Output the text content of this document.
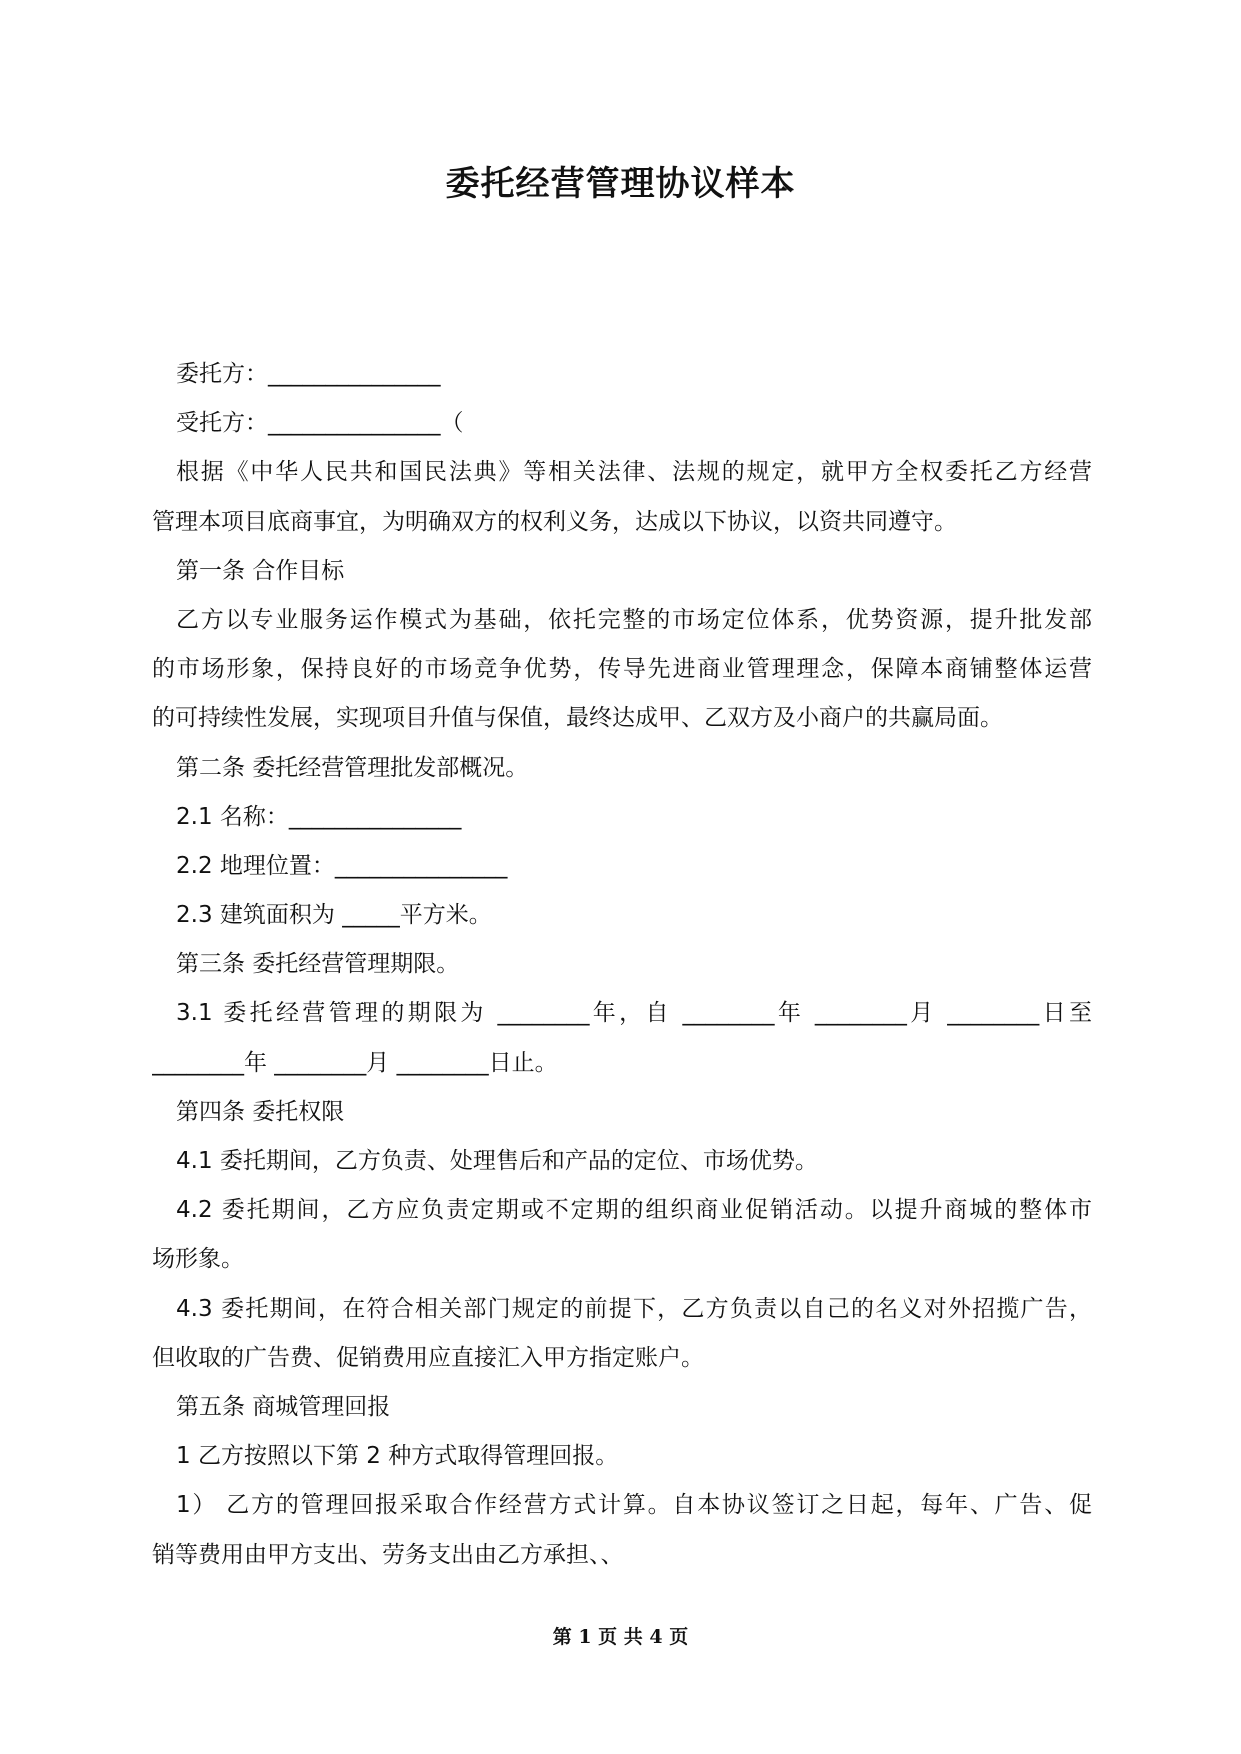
委托经营管理协议样本
委托方：_______________
受托方：_______________（
根据《中华人民共和国民法典》等相关法律、法规的规定，就甲方全权委托乙方经营
管理本项目底商事宜，为明确双方的权利义务，达成以下协议，以资共同遵守。
第一条 合作目标
乙方以专业服务运作模式为基础，依托完整的市场定位体系，优势资源，提升批发部
的市场形象，保持良好的市场竞争优势，传导先进商业管理理念，保障本商铺整体运营
的可持续性发展，实现项目升值与保值，最终达成甲、乙双方及小商户的共赢局面。
第二条 委托经营管理批发部概况。
2.1 名称：_______________
2.2 地理位置：_______________
2.3 建筑面积为 _____平方米。
第三条 委托经营管理期限。
3.1 委托经营管理的期限为 ________年，自 ________年 ________月 ________日至
________年 ________月 ________日止。
第四条 委托权限
4.1 委托期间，乙方负责、处理售后和产品的定位、市场优势。
4.2 委托期间，乙方应负责定期或不定期的组织商业促销活动。以提升商城的整体市
场形象。
4.3 委托期间，在符合相关部门规定的前提下，乙方负责以自己的名义对外招揽广告，
但收取的广告费、促销费用应直接汇入甲方指定账户。
第五条 商城管理回报
1 乙方按照以下第 2 种方式取得管理回报。
1） 乙方的管理回报采取合作经营方式计算。自本协议签订之日起，每年、广告、促
销等费用由甲方支出、劳务支出由乙方承担、、
第 1 页 共 4 页
